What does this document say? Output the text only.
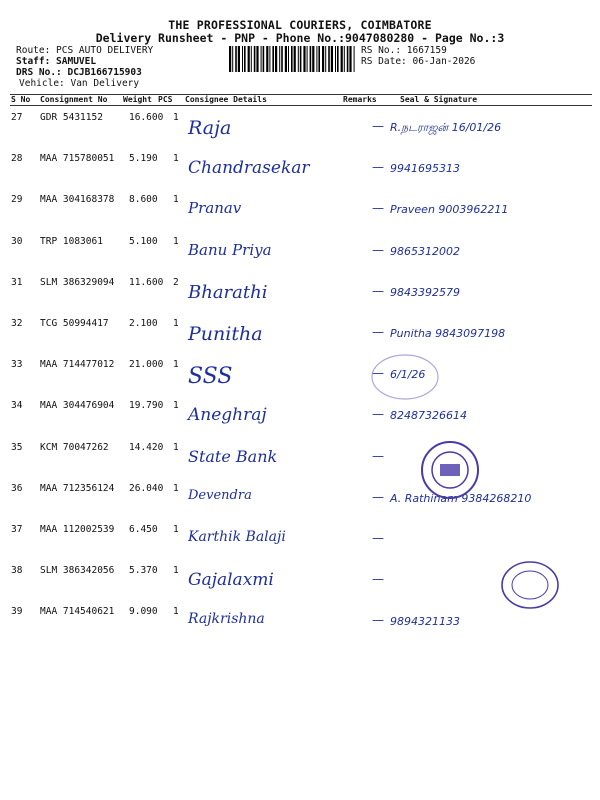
THE PROFESSIONAL COURIERS, COIMBATORE
Delivery Runsheet - PNP - Phone No.:9047080280 - Page No.:3
Route: PCS AUTO DELIVERY
Staff: SAMUVEL
DRS No.: DCJB166715903
Vehicle: Van Delivery
RS No.: 1667159
RS Date: 06-Jan-2026
S No Consignment No Weight PCS Consignee Details	Remarks	Seal & Signature
27 GDR 5431152	16.600 1 Raja	R.நடராஜன் 16/01/26
—
28 MAA 715780051 5.190 1 Chandrasekar	9941695313
—
29 MAA 304168378 8.600 1 Pranav	Praveen 9003962211
—
30 TRP 1083061	5.100 1 Banu Priya	9865312002
—
31 SLM 386329094 11.600 2 Bharathi	9843392579
—
32 TCG 50994417 2.100 1 Punitha	Punitha 9843097198
—
33 MAA 714477012 21.000 1 SSS	6/1/26
—
34 MAA 304476904 19.790 1 Aneghraj	82487326614
—
35 KCM 70047262 14.420 1 State Bank	—
36 MAA 712356124 26.040 1 Devendra	A. Rathinam 9384268210
—
37 MAA 112002539 6.450 1 Karthik Balaji	—
38 SLM 386342056 5.370 1 Gajalaxmi	—
39 MAA 714540621 9.090 1 Rajkrishna	9894321133
—
